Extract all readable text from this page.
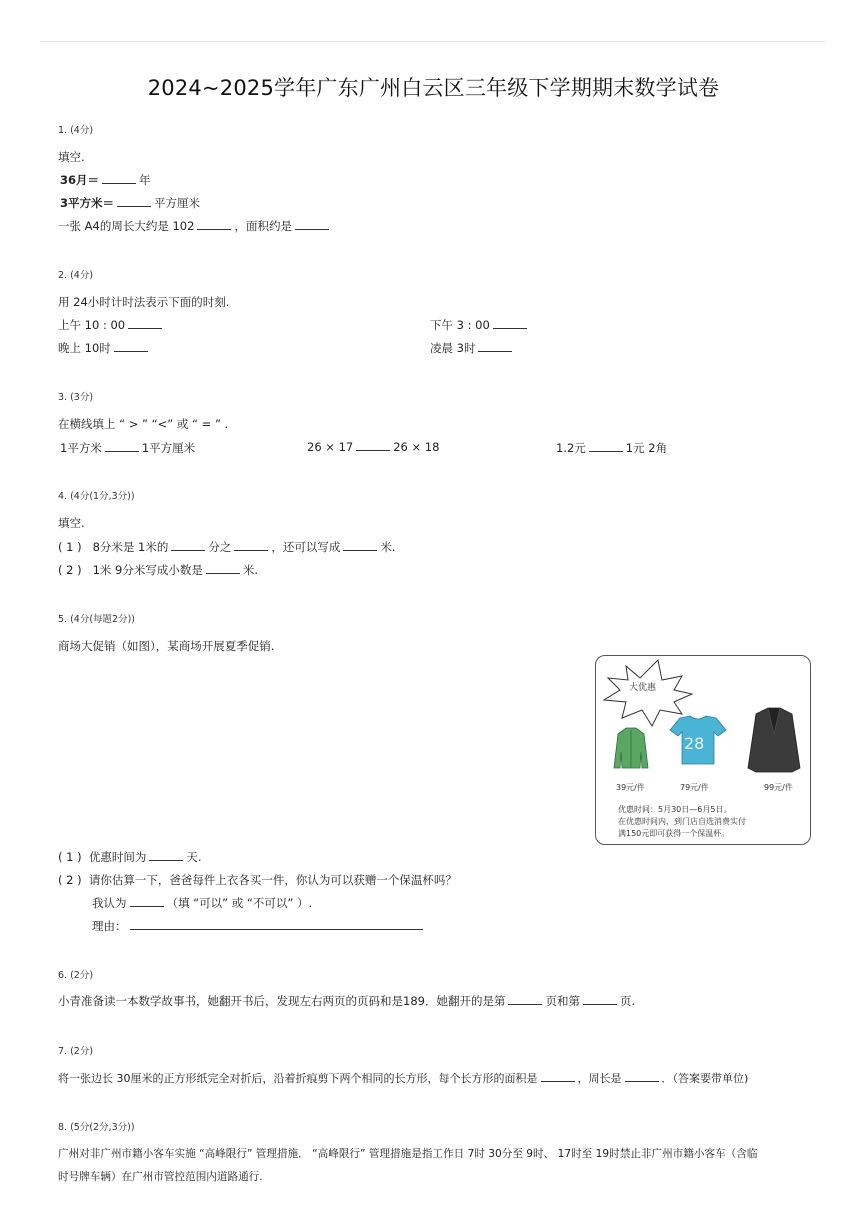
2024~2025学年广东广州白云区三年级下学期期末数学试卷
1. (4分)
填空.
36月＝	年
3平方米＝	平方厘米
一张 A4的周长大约是 102	，面积约是
2. (4分)
用 24小时计时法表示下面的时刻.
上午 10 : 00	下午 3 : 00
晚上 10时	凌晨 3时
3. (3分)
在横线填上 “ > ” “<” 或 “ = ” .
1平方米	1平方厘米	26 × 17	26 × 18	1.2元	1元 2角
4. (4分(1分,3分))
填空.
( 1 ) 8分米是 1米的	分之	，还可以写成	米.
( 2 ) 1米 9分米写成小数是	米.
5. (4分(每题2分))
商场大促销（如图），某商场开展夏季促销.
大优惠
28
39元/件	79元/件	99元/件
优惠时间：5月30日—6月5日。
在优惠时间内，到门店自选消费实付
满150元即可获得一个保温杯。
( 1 ) 优惠时间为	天.
( 2 ) 请你估算一下，爸爸每件上衣各买一件，你认为可以获赠一个保温杯吗？
我认为	（填 “可以” 或 “不可以” ）.
理由：
6. (2分)
小青准备读一本数学故事书，她翻开书后，发现左右两页的页码和是189．她翻开的是第	页和第	页.
7. (2分)
将一张边长 30厘米的正方形纸完全对折后，沿着折痕剪下两个相同的长方形，每个长方形的面积是	，周长是	．（答案要带单位)
8. (5分(2分,3分))
广州对非广州市籍小客车实施 “高峰限行” 管理措施． “高峰限行” 管理措施是指工作日 7时 30分至 9时、 17时至 19时禁止非广州市籍小客车（含临
时号牌车辆）在广州市管控范围内道路通行.
